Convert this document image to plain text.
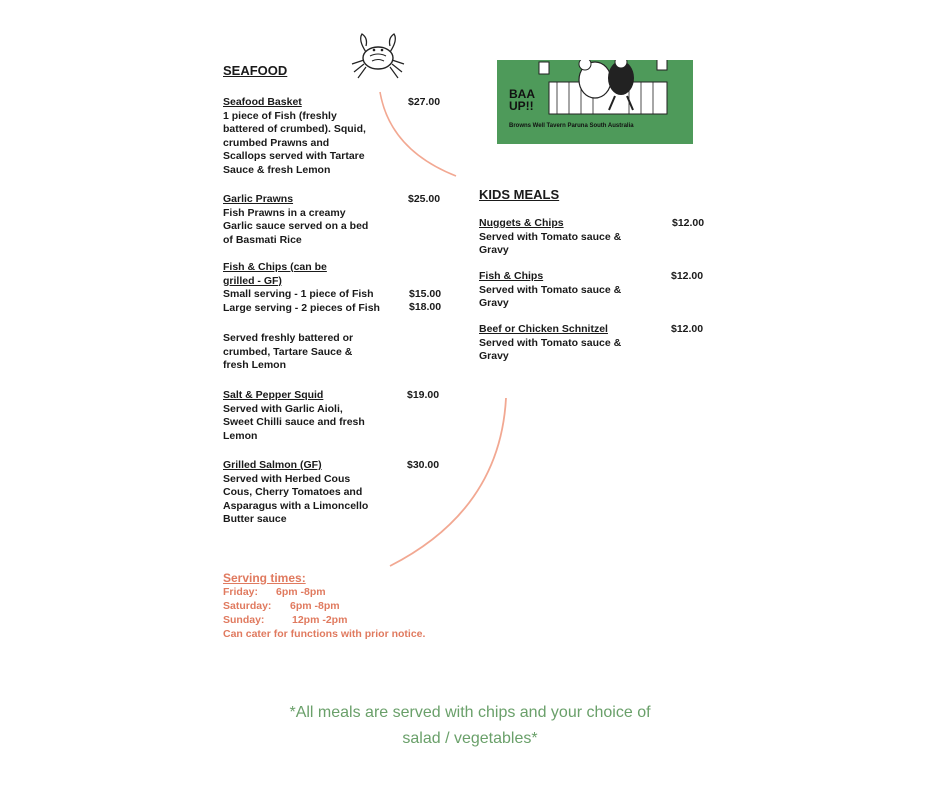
SEAFOOD
Seafood Basket
1 piece of Fish (freshly
battered of crumbed). Squid,
crumbed Prawns and
Scallops served with Tartare
Sauce & fresh Lemon
$27.00
Garlic Prawns
Fish Prawns in a creamy
Garlic sauce served on a bed
of Basmati Rice
$25.00
Fish & Chips (can be
grilled - GF)
Small serving - 1 piece of Fish
Large serving - 2 pieces of Fish
$15.00
$18.00
Served freshly battered or
crumbed, Tartare Sauce &
fresh Lemon
Salt & Pepper Squid
Served with Garlic Aioli,
Sweet Chilli sauce and fresh
Lemon
$19.00
Grilled Salmon (GF)
Served with Herbed Cous
Cous, Cherry Tomatoes and
Asparagus with a Limoncello
Butter sauce
$30.00
Serving times:
Friday: 6pm -8pm
Saturday: 6pm -8pm
Sunday:	12pm -2pm
Can cater for functions with prior notice.
BAA
UP!!
Browns Well Tavern Paruna South Australia
KIDS MEALS
Nuggets & Chips
Served with Tomato sauce &
Gravy
$12.00
Fish & Chips
Served with Tomato sauce &
Gravy
$12.00
Beef or Chicken Schnitzel
Served with Tomato sauce &
Gravy
$12.00
*All meals are served with chips and your choice of
salad / vegetables*
